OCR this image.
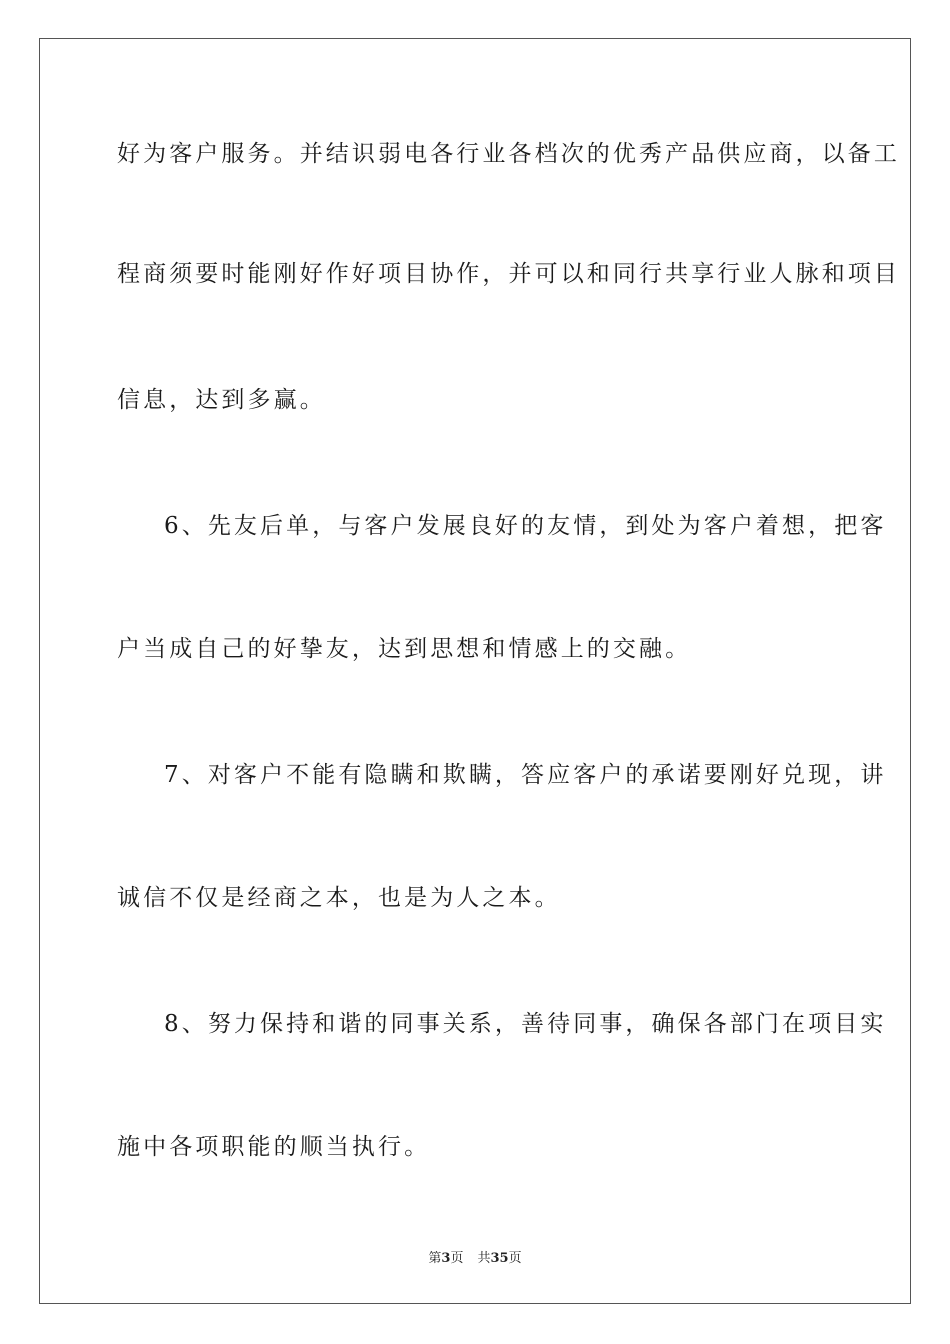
好为客户服务。并结识弱电各行业各档次的优秀产品供应商，以备工
程商须要时能刚好作好项目协作，并可以和同行共享行业人脉和项目
信息，达到多赢。
6、先友后单，与客户发展良好的友情，到处为客户着想，把客
户当成自己的好挚友，达到思想和情感上的交融。
7、对客户不能有隐瞒和欺瞒，答应客户的承诺要刚好兑现，讲
诚信不仅是经商之本，也是为人之本。
8、努力保持和谐的同事关系，善待同事，确保各部门在项目实
施中各项职能的顺当执行。
第3页 共35页
